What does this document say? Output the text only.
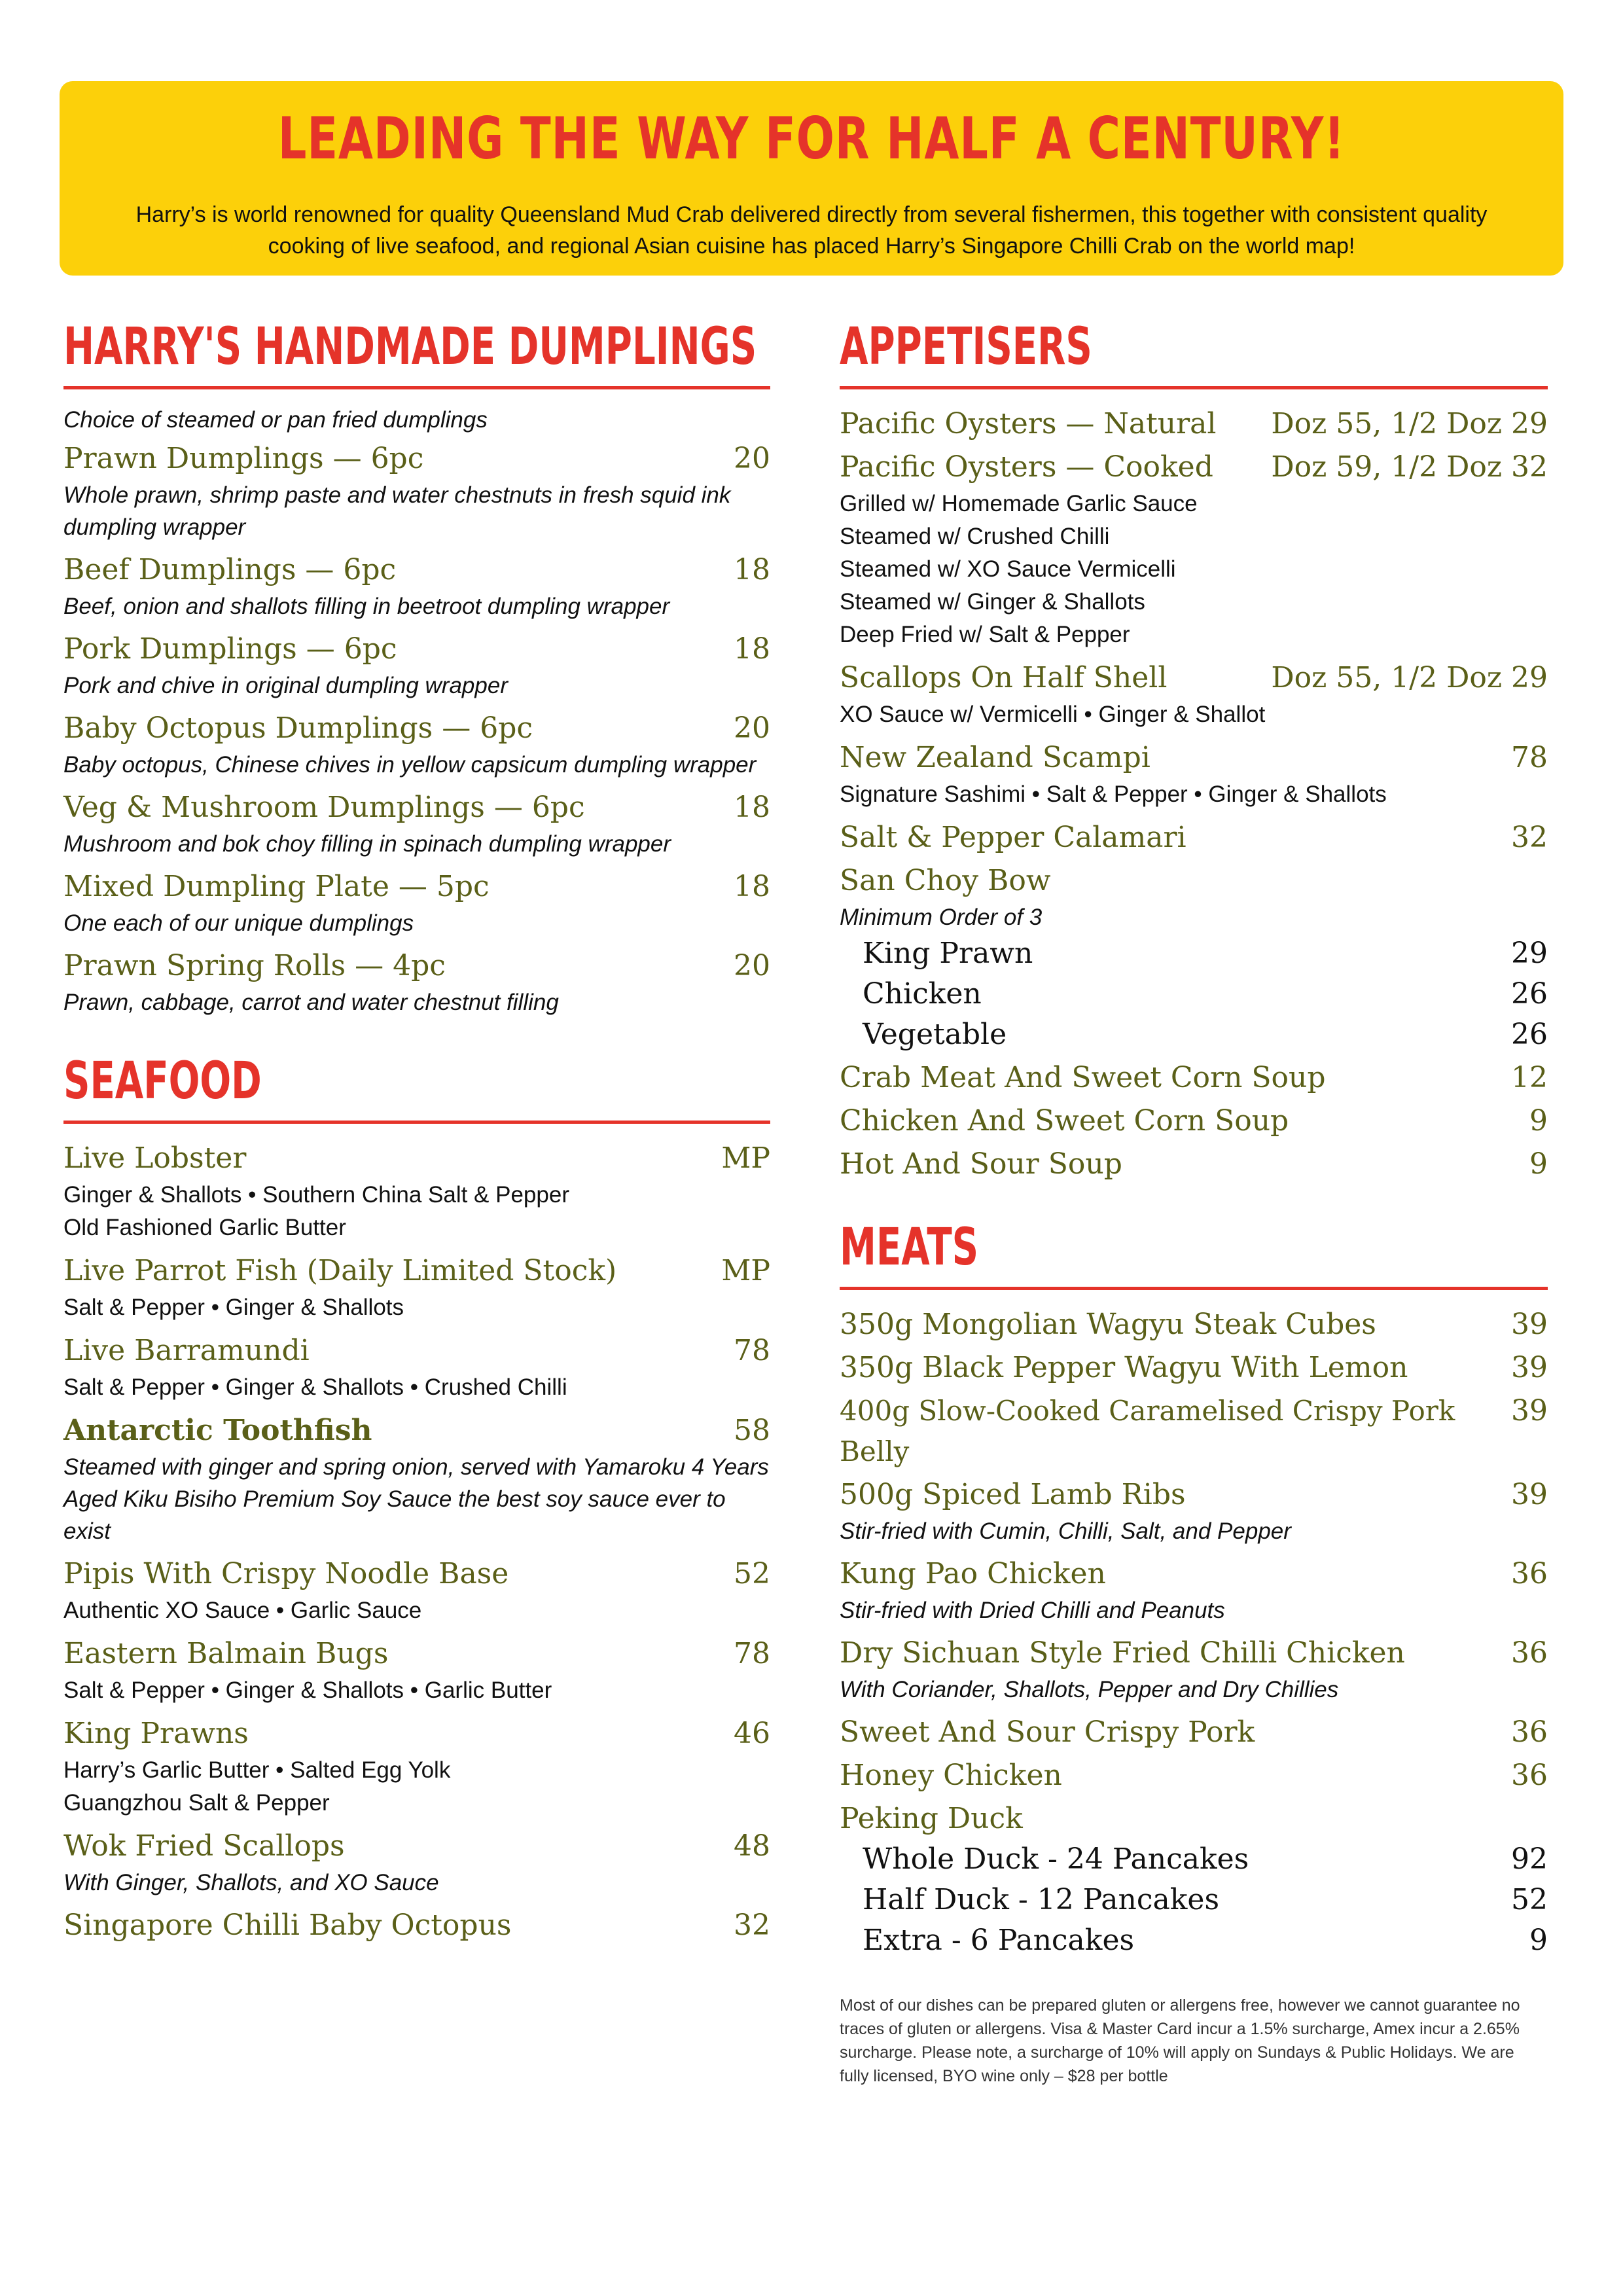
LEADING THE WAY FOR HALF A CENTURY!
Harry’s is world renowned for quality Queensland Mud Crab delivered directly from several fishermen, this together with consistent quality cooking of live seafood, and regional Asian cuisine has placed Harry’s Singapore Chilli Crab on the world map!
HARRY'S HANDMADE DUMPLINGS
Choice of steamed or pan fried dumplings
Prawn Dumplings — 6pc	20
Whole prawn, shrimp paste and water chestnuts in fresh squid ink dumpling wrapper
Beef Dumplings — 6pc	18
Beef, onion and shallots filling in beetroot dumpling wrapper
Pork Dumplings — 6pc	18
Pork and chive in original dumpling wrapper
Baby Octopus Dumplings — 6pc	20
Baby octopus, Chinese chives in yellow capsicum dumpling wrapper
Veg & Mushroom Dumplings — 6pc	18
Mushroom and bok choy filling in spinach dumpling wrapper
Mixed Dumpling Plate — 5pc	18
One each of our unique dumplings
Prawn Spring Rolls — 4pc	20
Prawn, cabbage, carrot and water chestnut filling
SEAFOOD
Live Lobster	MP
Ginger & Shallots • Southern China Salt & Pepper
Old Fashioned Garlic Butter
Live Parrot Fish (Daily Limited Stock)	MP
Salt & Pepper • Ginger & Shallots
Live Barramundi	78
Salt & Pepper • Ginger & Shallots • Crushed Chilli
Antarctic Toothfish	58
Steamed with ginger and spring onion, served with Yamaroku 4 Years Aged Kiku Bisiho Premium Soy Sauce the best soy sauce ever to exist
Pipis With Crispy Noodle Base	52
Authentic XO Sauce • Garlic Sauce
Eastern Balmain Bugs	78
Salt & Pepper • Ginger & Shallots • Garlic Butter
King Prawns	46
Harry’s Garlic Butter • Salted Egg Yolk
Guangzhou Salt & Pepper
Wok Fried Scallops	48
With Ginger, Shallots, and XO Sauce
Singapore Chilli Baby Octopus	32
APPETISERS
Pacific Oysters — Natural Doz 55, 1/2 Doz 29
Pacific Oysters — Cooked Doz 59, 1/2 Doz 32
Grilled w/ Homemade Garlic Sauce
Steamed w/ Crushed Chilli
Steamed w/ XO Sauce Vermicelli
Steamed w/ Ginger & Shallots
Deep Fried w/ Salt & Pepper
Scallops On Half Shell	Doz 55, 1/2 Doz 29
XO Sauce w/ Vermicelli • Ginger & Shallot
New Zealand Scampi	78
Signature Sashimi • Salt & Pepper • Ginger & Shallots
Salt & Pepper Calamari	32
San Choy Bow
Minimum Order of 3
King Prawn	29
Chicken	26
Vegetable	26
Crab Meat And Sweet Corn Soup	12
Chicken And Sweet Corn Soup	9
Hot And Sour Soup	9
MEATS
350g Mongolian Wagyu Steak Cubes	39
350g Black Pepper Wagyu With Lemon	39
400g Slow-Cooked Caramelised Crispy Pork Belly
39
500g Spiced Lamb Ribs	39
Stir-fried with Cumin, Chilli, Salt, and Pepper
Kung Pao Chicken	36
Stir-fried with Dried Chilli and Peanuts
Dry Sichuan Style Fried Chilli Chicken	36
With Coriander, Shallots, Pepper and Dry Chillies
Sweet And Sour Crispy Pork	36
Honey Chicken	36
Peking Duck
Whole Duck - 24 Pancakes	92
Half Duck - 12 Pancakes	52
Extra - 6 Pancakes	9
Most of our dishes can be prepared gluten or allergens free, however we cannot guarantee no traces of gluten or allergens. Visa & Master Card incur a 1.5% surcharge, Amex incur a 2.65% surcharge. Please note, a surcharge of 10% will apply on Sundays & Public Holidays. We are fully licensed, BYO wine only – $28 per bottle
